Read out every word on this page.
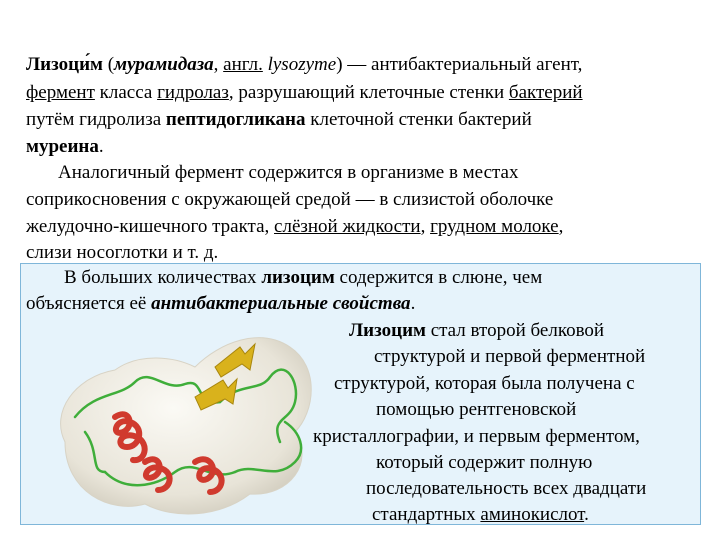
Лизоци́м (мурамидаза, англ. lysozyme) — антибактериальный агент,
фермент класса гидролаз, разрушающий клеточные стенки бактерий
путём гидролиза пептидогликана клеточной стенки бактерий
муреина.
Аналогичный фермент содержится в организме в местах
соприкосновения с окружающей средой — в слизистой оболочке
желудочно-кишечного тракта, слёзной жидкости, грудном молоке,
слизи носоглотки и т. д.
В больших количествах лизоцим содержится в слюне, чем
объясняется её антибактериальные свойства.
Лизоцим стал второй белковой
структурой и первой ферментной
структурой, которая была получена с
помощью рентгеновской
кристаллографии, и первым ферментом,
который содержит полную
последовательность всех двадцати
стандартных аминокислот.
